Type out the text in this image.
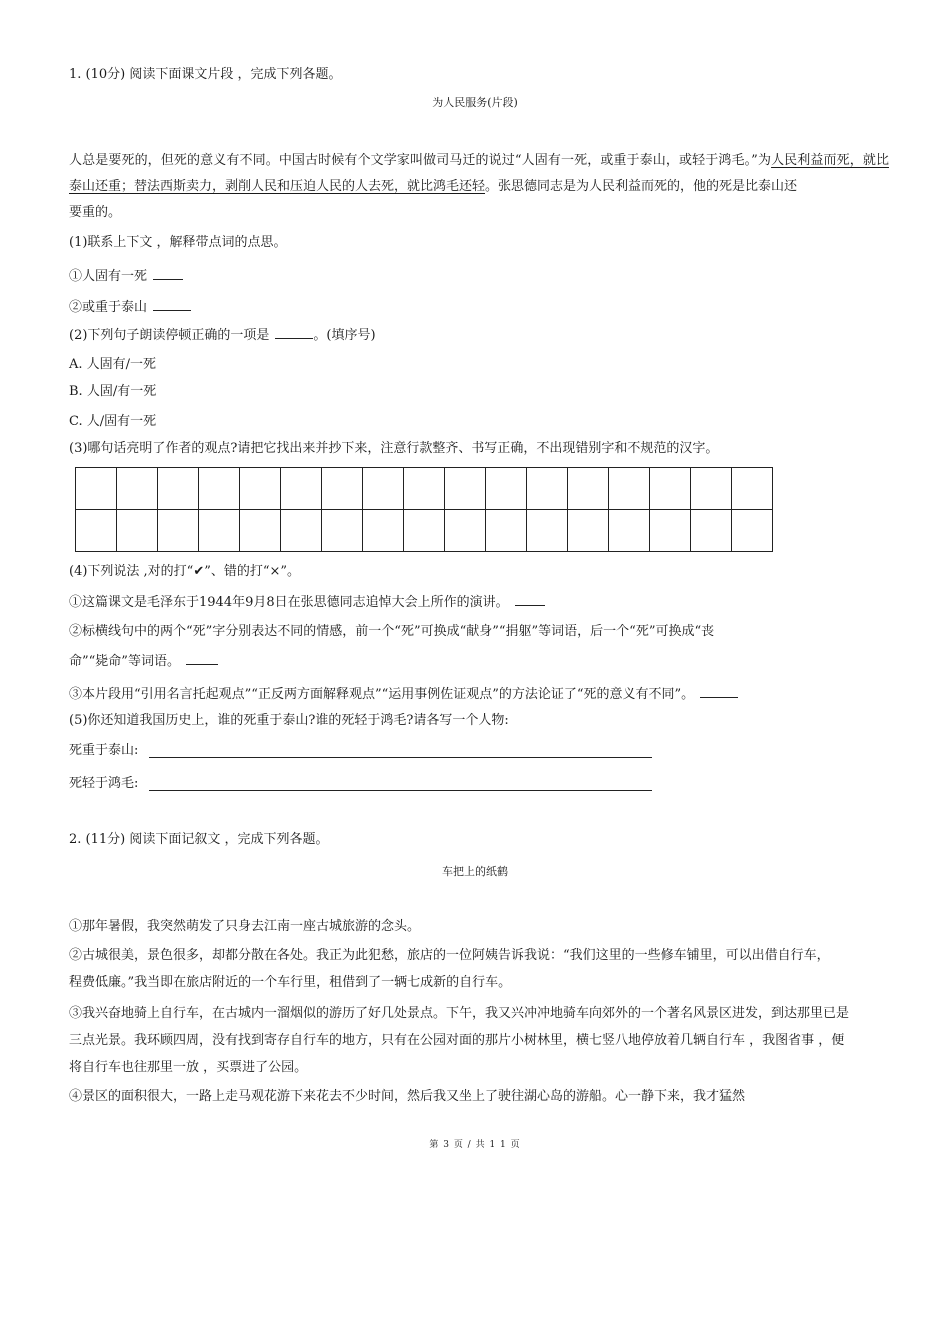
1. (10分) 阅读下面课文片段 ，完成下列各题。
为人民服务(片段)
人总是要死的，但死的意义有不同。中国古时候有个文学家叫做司马迁的说过“人固有一死，或重于泰山，或轻于鸿毛。”为人民利益而死，就比泰山还重；替法西斯卖力，剥削人民和压迫人民的人去死，就比鸿毛还轻。张思德同志是为人民利益而死的，他的死是比泰山还
要重的。
(1)联系上下文 ，解释带点词的点思。
①人固有一死
②或重于泰山
(2)下列句子朗读停顿正确的一项是	。(填序号)
A. 人固有/一死
B. 人固/有一死
C. 人/固有一死
(3)哪句话亮明了作者的观点?请把它找出来并抄下来，注意行款整齐、书写正确，不出现错别字和不规范的汉字。

(4)下列说法 ,对的打“✔”、错的打“×”。
①这篇课文是毛泽东于1944年9月8日在张思德同志追悼大会上所作的演讲。
②标横线句中的两个“死”字分别表达不同的情感，前一个“死”可换成“献身”“捐躯”等词语，后一个“死”可换成“丧
命”“毙命”等词语。
③本片段用“引用名言托起观点”“正反两方面解释观点”“运用事例佐证观点”的方法论证了“死的意义有不同”。
(5)你还知道我国历史上，谁的死重于泰山?谁的死轻于鸿毛?请各写一个人物:
死重于泰山:
死轻于鸿毛:
2. (11分) 阅读下面记叙文 ，完成下列各题。
车把上的纸鹤
①那年暑假，我突然萌发了只身去江南一座古城旅游的念头。
②古城很美，景色很多，却都分散在各处。我正为此犯愁，旅店的一位阿姨告诉我说：“我们这里的一些修车铺里，可以出借自行车，
程费低廉。”我当即在旅店附近的一个车行里，租借到了一辆七成新的自行车。
③我兴奋地骑上自行车，在古城内一溜烟似的游历了好几处景点。下午，我又兴冲冲地骑车向郊外的一个著名风景区进发，到达那里已是
三点光景。我环顾四周，没有找到寄存自行车的地方，只有在公园对面的那片小树林里，横七竖八地停放着几辆自行车 ，我图省事 ，便
将自行车也往那里一放 ，买票进了公园。
④景区的面积很大，一路上走马观花游下来花去不少时间，然后我又坐上了驶往湖心岛的游船。心一静下来，我才猛然
第 3 页 / 共 1 1 页
